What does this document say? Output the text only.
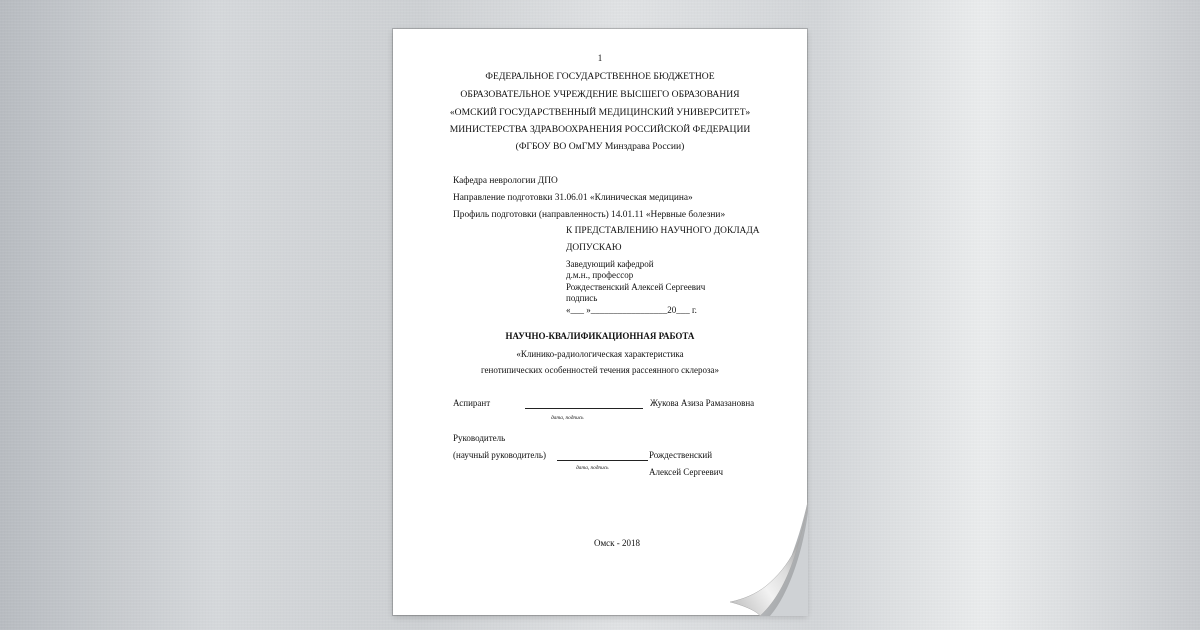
1
ФЕДЕРАЛЬНОЕ ГОСУДАРСТВЕННОЕ БЮДЖЕТНОЕ
ОБРАЗОВАТЕЛЬНОЕ УЧРЕЖДЕНИЕ ВЫСШЕГО ОБРАЗОВАНИЯ
«ОМСКИЙ ГОСУДАРСТВЕННЫЙ МЕДИЦИНСКИЙ УНИВЕРСИТЕТ»
МИНИСТЕРСТВА ЗДРАВООХРАНЕНИЯ РОССИЙСКОЙ ФЕДЕРАЦИИ
(ФГБОУ ВО ОмГМУ Минздрава России)
Кафедра неврологии ДПО
Направление подготовки 31.06.01 «Клиническая медицина»
Профиль подготовки (направленность) 14.01.11 «Нервные болезни»
К ПРЕДСТАВЛЕНИЮ НАУЧНОГО ДОКЛАДА
ДОПУСКАЮ
Заведующий кафедрой
д.м.н., профессор
Рождественский Алексей Сергеевич
подпись
«___ »_________________20___ г.
НАУЧНО-КВАЛИФИКАЦИОННАЯ РАБОТА
«Клинико-радиологическая характеристика
генотипических особенностей течения рассеянного склероза»
Аспирант	Жукова Азиза Рамазановна
дата, подпись
Руководитель
(научный руководитель)	Рождественский
дата, подпись	Алексей Сергеевич
Омск - 2018
